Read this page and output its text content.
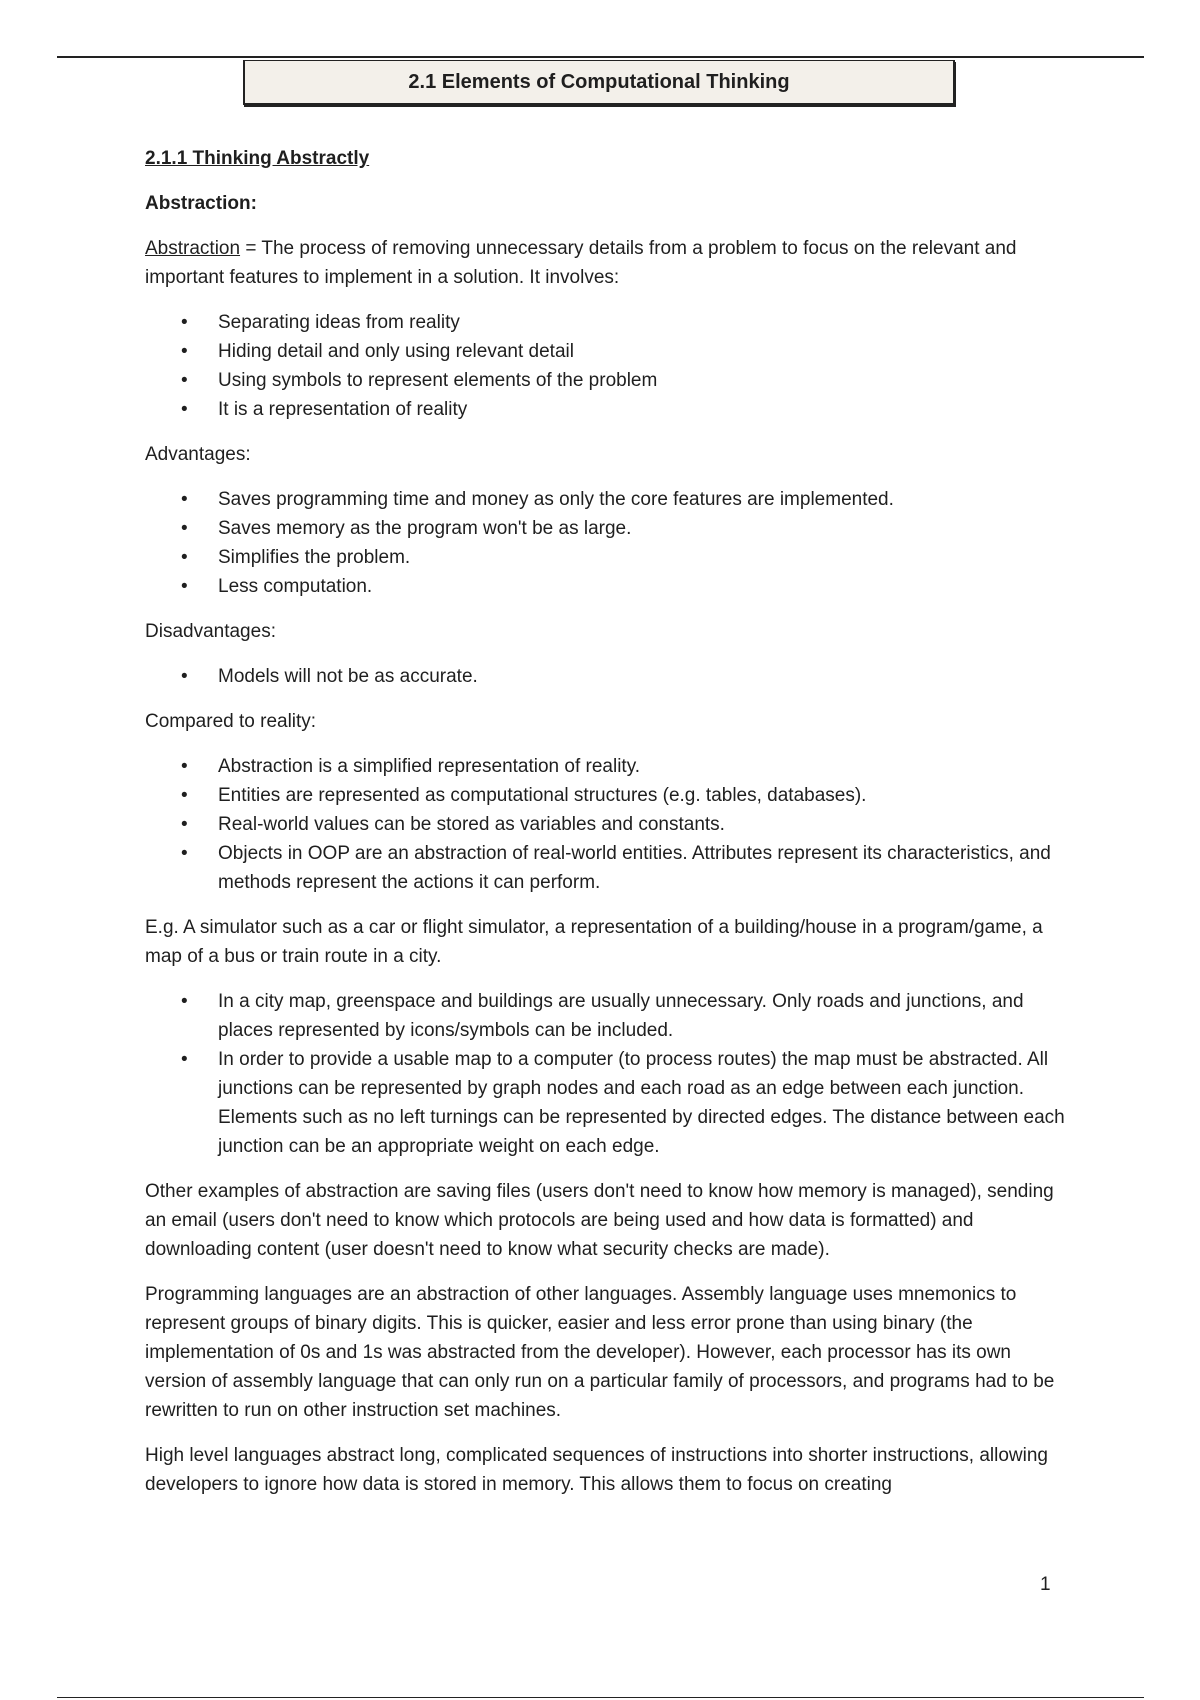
2.1 Elements of Computational Thinking
2.1.1 Thinking Abstractly
Abstraction:

Abstraction = The process of removing unnecessary details from a problem to focus on the relevant and important features to implement in a solution. It involves:

• Separating ideas from reality
• Hiding detail and only using relevant detail
• Using symbols to represent elements of the problem
• It is a representation of reality

Advantages:

• Saves programming time and money as only the core features are implemented.
• Saves memory as the program won't be as large.
• Simplifies the problem.
• Less computation.

Disadvantages:

• Models will not be as accurate.

Compared to reality:

• Abstraction is a simplified representation of reality.
• Entities are represented as computational structures (e.g. tables, databases).
• Real-world values can be stored as variables and constants.
• Objects in OOP are an abstraction of real-world entities. Attributes represent its characteristics, and methods represent the actions it can perform.

E.g. A simulator such as a car or flight simulator, a representation of a building/house in a program/game, a map of a bus or train route in a city.

• In a city map, greenspace and buildings are usually unnecessary. Only roads and junctions, and places represented by icons/symbols can be included.
• In order to provide a usable map to a computer (to process routes) the map must be abstracted. All junctions can be represented by graph nodes and each road as an edge between each junction. Elements such as no left turnings can be represented by directed edges. The distance between each junction can be an appropriate weight on each edge.

Other examples of abstraction are saving files (users don't need to know how memory is managed), sending an email (users don't need to know which protocols are being used and how data is formatted) and downloading content (user doesn't need to know what security checks are made).

Programming languages are an abstraction of other languages. Assembly language uses mnemonics to represent groups of binary digits. This is quicker, easier and less error prone than using binary (the implementation of 0s and 1s was abstracted from the developer). However, each processor has its own version of assembly language that can only run on a particular family of processors, and programs had to be rewritten to run on other instruction set machines.

High level languages abstract long, complicated sequences of instructions into shorter instructions, allowing developers to ignore how data is stored in memory. This allows them to focus on creating

1
